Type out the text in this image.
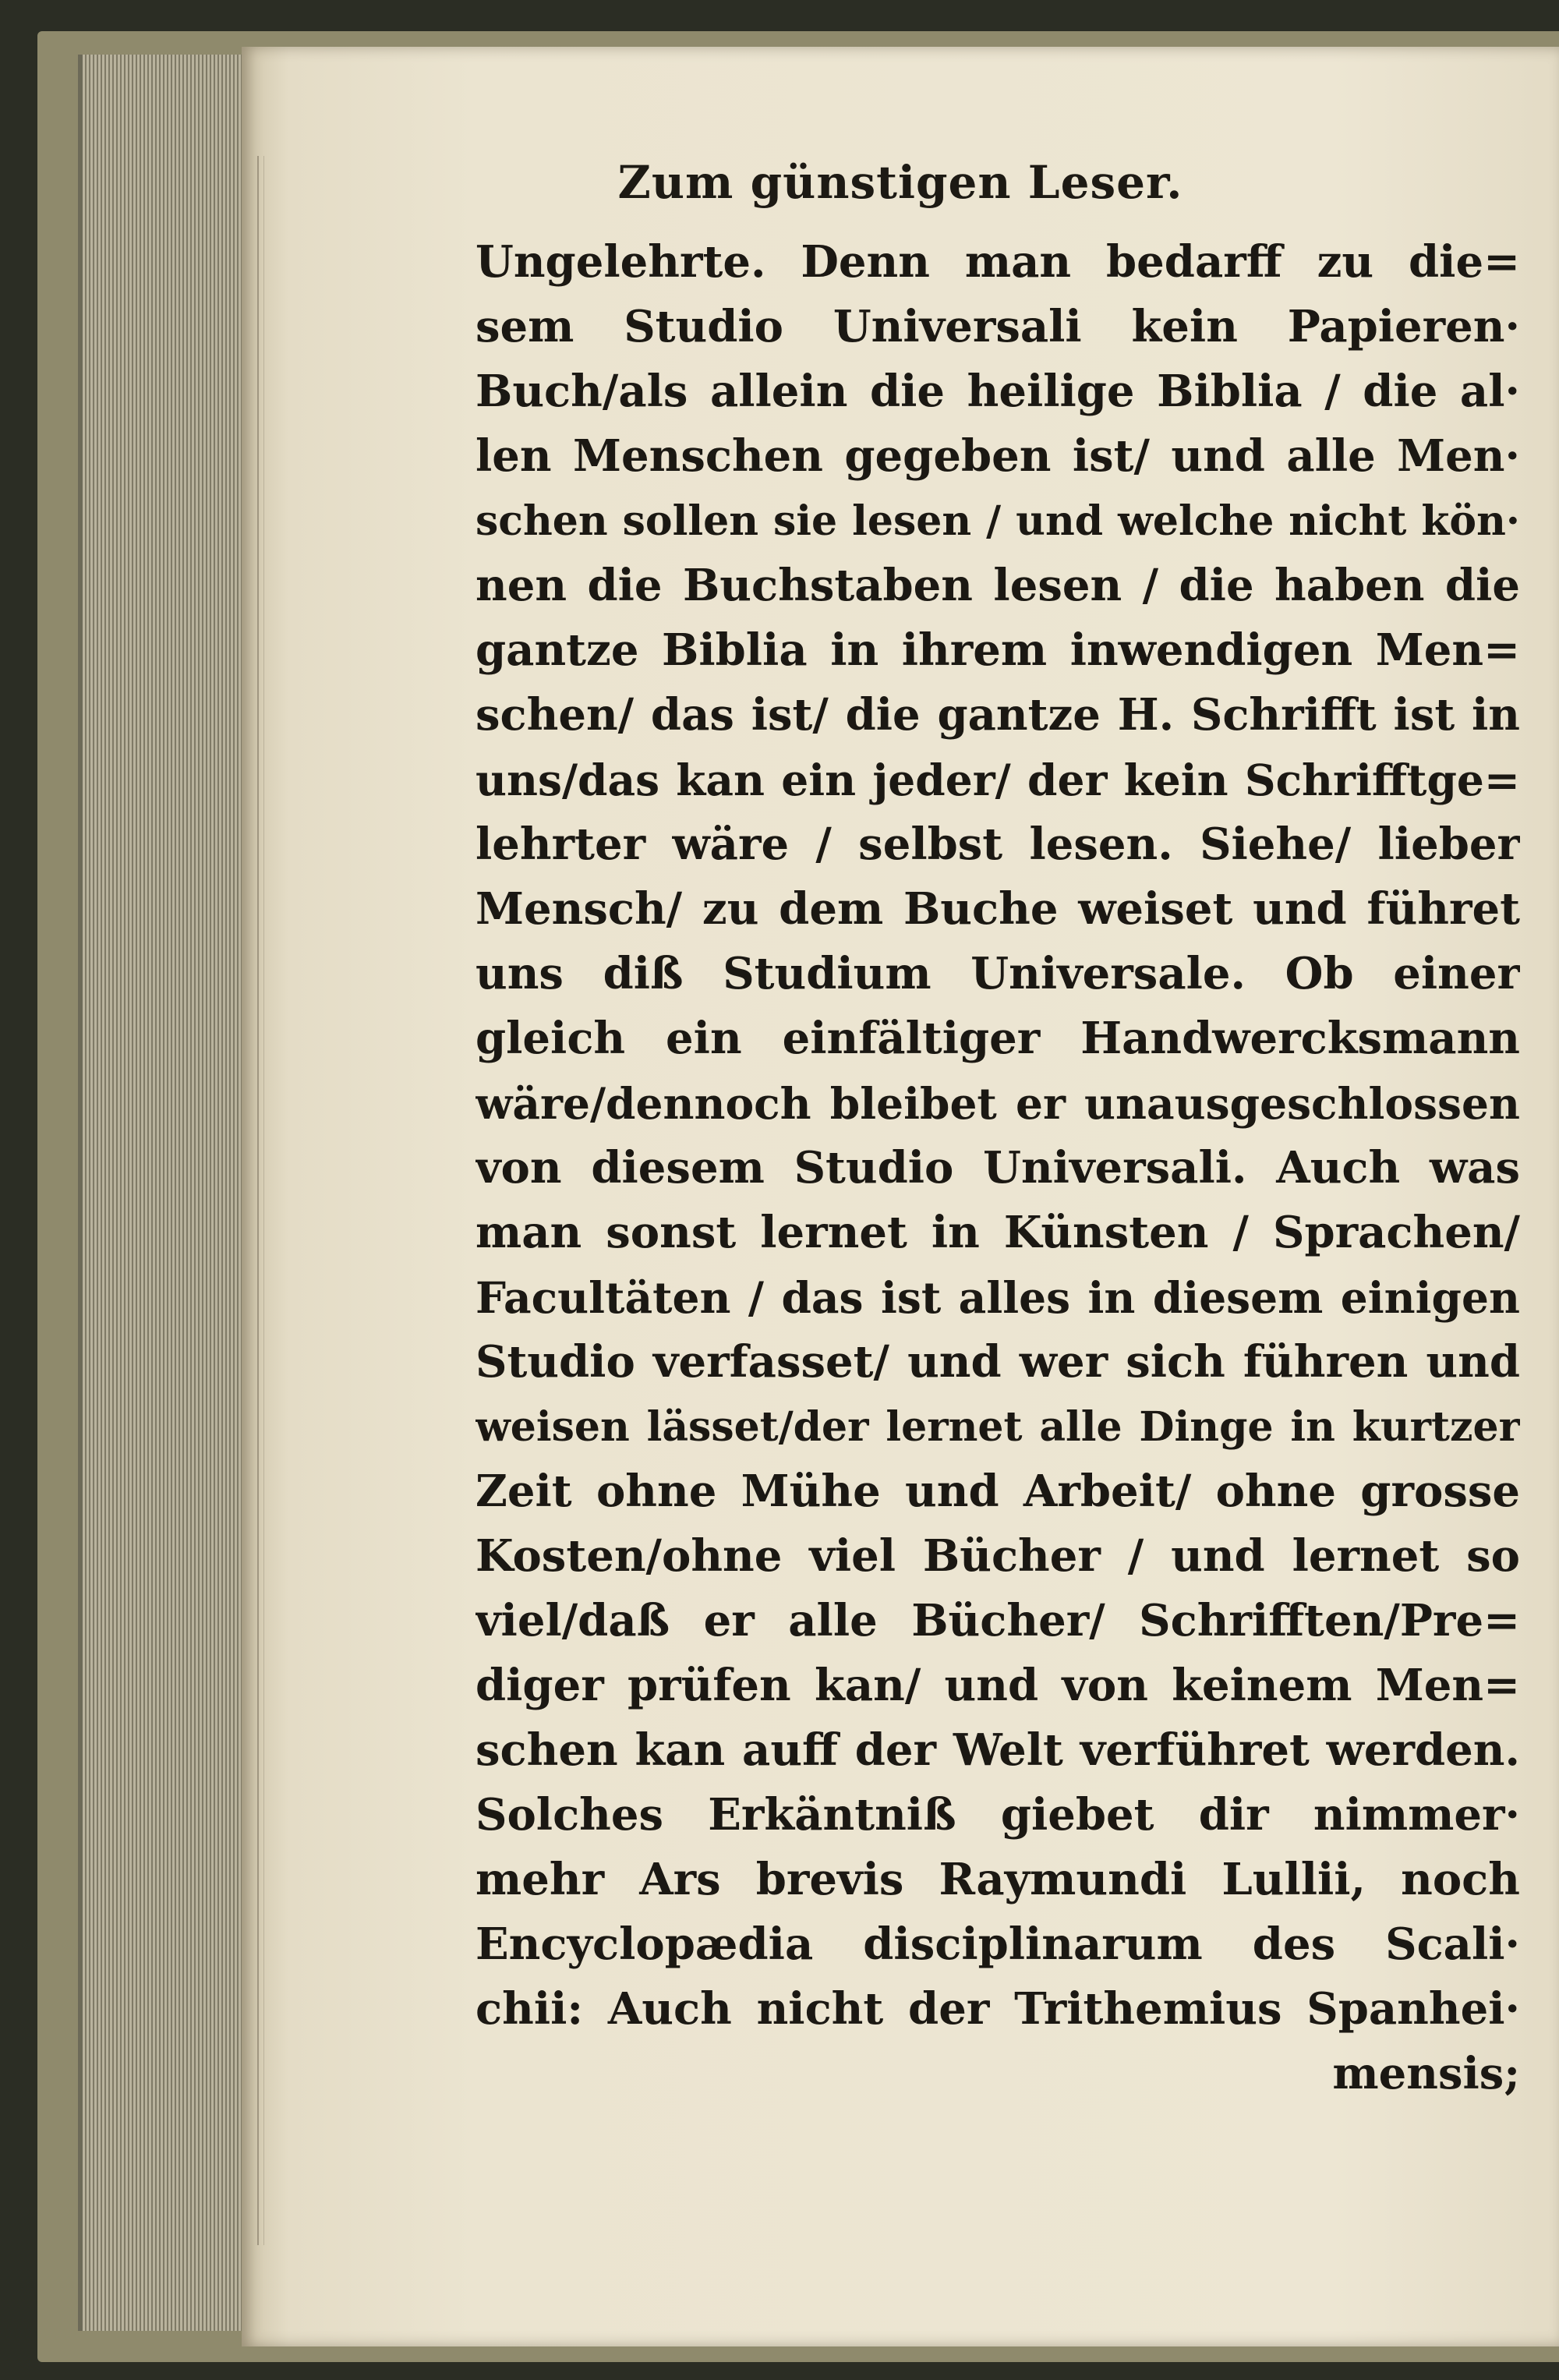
Zum günstigen Leser.
Ungelehrte. Denn man bedarff zu die=
sem Studio Universali kein Papieren·
Buch/als allein die heilige Biblia / die al·
len Menschen gegeben ist/ und alle Men·
schen sollen sie lesen / und welche nicht kön·
nen die Buchstaben lesen / die haben die
gantze Biblia in ihrem inwendigen Men=
schen/ das ist/ die gantze H. Schrifft ist in
uns/das kan ein jeder/ der kein Schrifftge=
lehrter wäre / selbst lesen. Siehe/ lieber
Mensch/ zu dem Buche weiset und führet
uns diß Studium Universale. Ob einer
gleich ein einfältiger Handwercksmann
wäre/dennoch bleibet er unausgeschlossen
von diesem Studio Universali. Auch was
man sonst lernet in Künsten / Sprachen/
Facultäten / das ist alles in diesem einigen
Studio verfasset/ und wer sich führen und
weisen lässet/der lernet alle Dinge in kurtzer
Zeit ohne Mühe und Arbeit/ ohne grosse
Kosten/ohne viel Bücher / und lernet so
viel/daß er alle Bücher/ Schrifften/Pre=
diger prüfen kan/ und von keinem Men=
schen kan auff der Welt verführet werden.
Solches Erkäntniß giebet dir nimmer·
mehr Ars brevis Raymundi Lullii, noch
Encyclopædia disciplinarum des Scali·
chii: Auch nicht der Trithemius Spanhei·
mensis;
